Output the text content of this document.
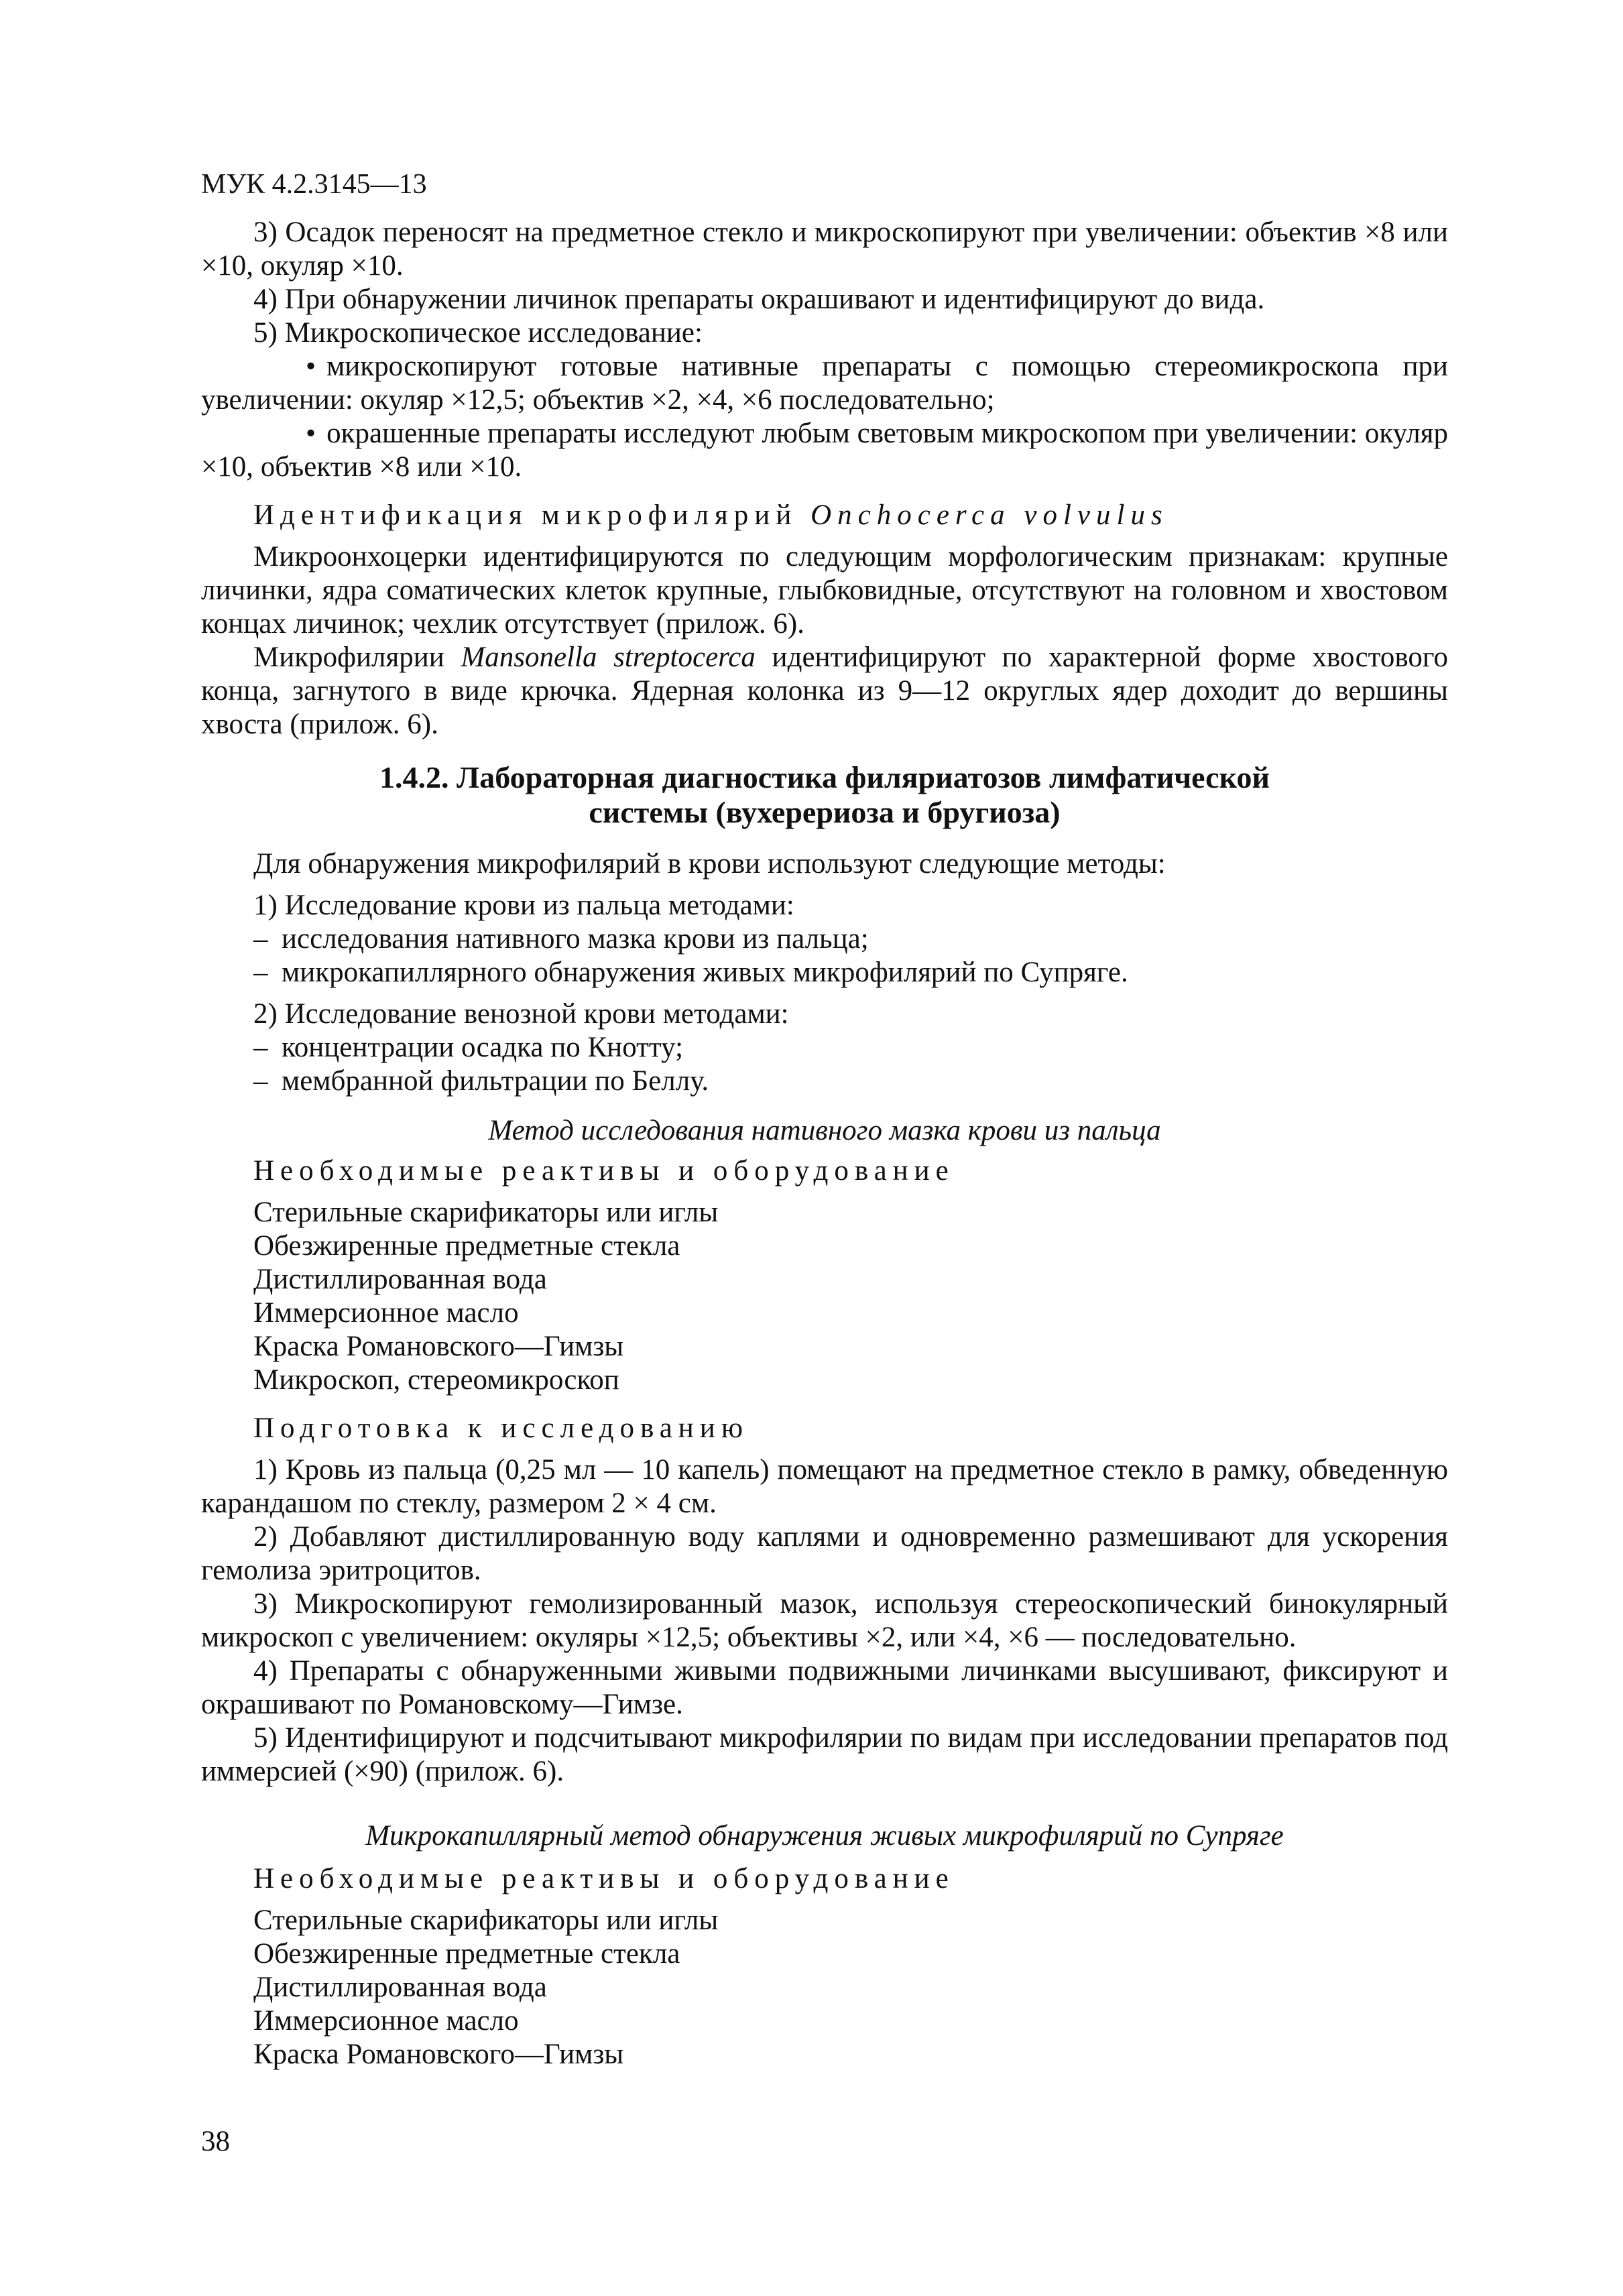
МУК 4.2.3145—13

3) Осадок переносят на предметное стекло и микроскопируют при увеличении: объектив ×8 или ×10, окуляр ×10.

4) При обнаружении личинок препараты окрашивают и идентифицируют до вида.

5) Микроскопическое исследование:

• микроскопируют готовые нативные препараты с помощью стереомикроскопа при увеличении: окуляр ×12,5; объектив ×2, ×4, ×6 последовательно;

• окрашенные препараты исследуют любым световым микроскопом при увеличении: окуляр ×10, объектив ×8 или ×10.

Идентификация микрофилярий Onchocerca volvulus

Микроонхоцерки идентифицируются по следующим морфологическим признакам: крупные личинки, ядра соматических клеток крупные, глыбковидные, отсутствуют на головном и хвостовом концах личинок; чехлик отсутствует (прилож. 6).

Микрофилярии Mansonella streptocerca идентифицируют по характерной форме хвостового конца, загнутого в виде крючка. Ядерная колонка из 9—12 округлых ядер доходит до вершины хвоста (прилож. 6).

1.4.2. Лабораторная диагностика филяриатозов лимфатической
системы (вухерериоза и бругиоза)

Для обнаружения микрофилярий в крови используют следующие методы:

1) Исследование крови из пальца методами:

– исследования нативного мазка крови из пальца;
– микрокапиллярного обнаружения живых микрофилярий по Супряге.

2) Исследование венозной крови методами:

– концентрации осадка по Кнотту;
– мембранной фильтрации по Беллу.
Метод исследования нативного мазка крови из пальца

Необходимые реактивы и оборудование

Стерильные скарификаторы или иглы

Обезжиренные предметные стекла

Дистиллированная вода

Иммерсионное масло

Краска Романовского—Гимзы

Микроскоп, стереомикроскоп

Подготовка к исследованию

1) Кровь из пальца (0,25 мл — 10 капель) помещают на предметное стекло в рамку, обведенную карандашом по стеклу, размером 2 × 4 см.

2) Добавляют дистиллированную воду каплями и одновременно размешивают для ускорения гемолиза эритроцитов.

3) Микроскопируют гемолизированный мазок, используя стереоскопический бинокулярный микроскоп с увеличением: окуляры ×12,5; объективы ×2, или ×4, ×6 — последовательно.

4) Препараты с обнаруженными живыми подвижными личинками высушивают, фиксируют и окрашивают по Романовскому—Гимзе.

5) Идентифицируют и подсчитывают микрофилярии по видам при исследовании препаратов под иммерсией (×90) (прилож. 6).

Микрокапиллярный метод обнаружения живых микрофилярий по Супряге

Необходимые реактивы и оборудование

Стерильные скарификаторы или иглы

Обезжиренные предметные стекла

Дистиллированная вода

Иммерсионное масло

Краска Романовского—Гимзы

38
